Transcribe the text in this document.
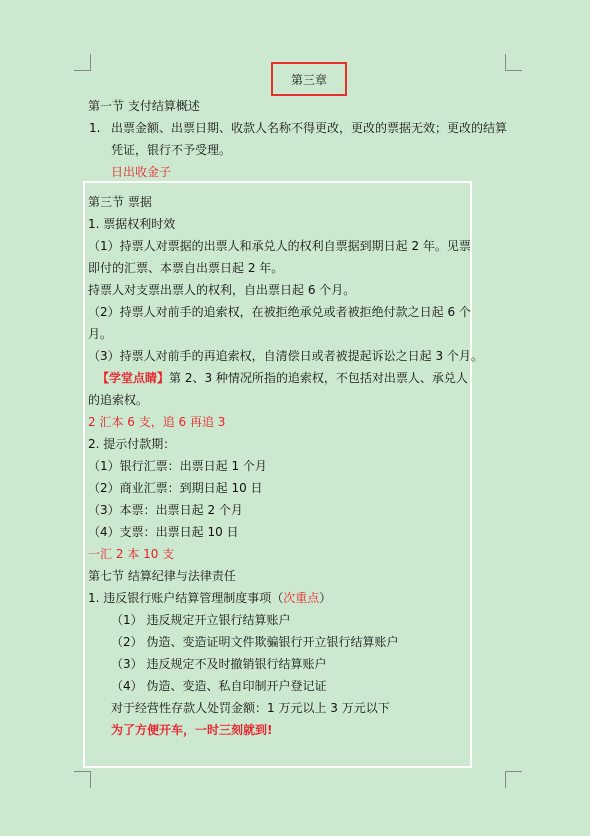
第三章
第一节 支付结算概述
1. 出票金额、出票日期、收款人名称不得更改，更改的票据无效；更改的结算
凭证，银行不予受理。
日出收金子
第三节 票据
1. 票据权利时效
（1）持票人对票据的出票人和承兑人的权利自票据到期日起 2 年。见票
即付的汇票、本票自出票日起 2 年。
持票人对支票出票人的权利，自出票日起 6 个月。
（2）持票人对前手的追索权，在被拒绝承兑或者被拒绝付款之日起 6 个
月。
（3）持票人对前手的再追索权，自清偿日或者被提起诉讼之日起 3 个月。
【学堂点睛】第 2、3 种情况所指的追索权，不包括对出票人、承兑人
的追索权。
2 汇本 6 支，追 6 再追 3
2. 提示付款期：
（1）银行汇票：出票日起 1 个月
（2）商业汇票：到期日起 10 日
（3）本票：出票日起 2 个月
（4）支票：出票日起 10 日
一汇 2 本 10 支
第七节 结算纪律与法律责任
1. 违反银行账户结算管理制度事项（次重点）
（1） 违反规定开立银行结算账户
（2） 伪造、变造证明文件欺骗银行开立银行结算账户
（3） 违反规定不及时撤销银行结算账户
（4） 伪造、变造、私自印制开户登记证
对于经营性存款人处罚金额：1 万元以上 3 万元以下
为了方便开车，一时三刻就到!
